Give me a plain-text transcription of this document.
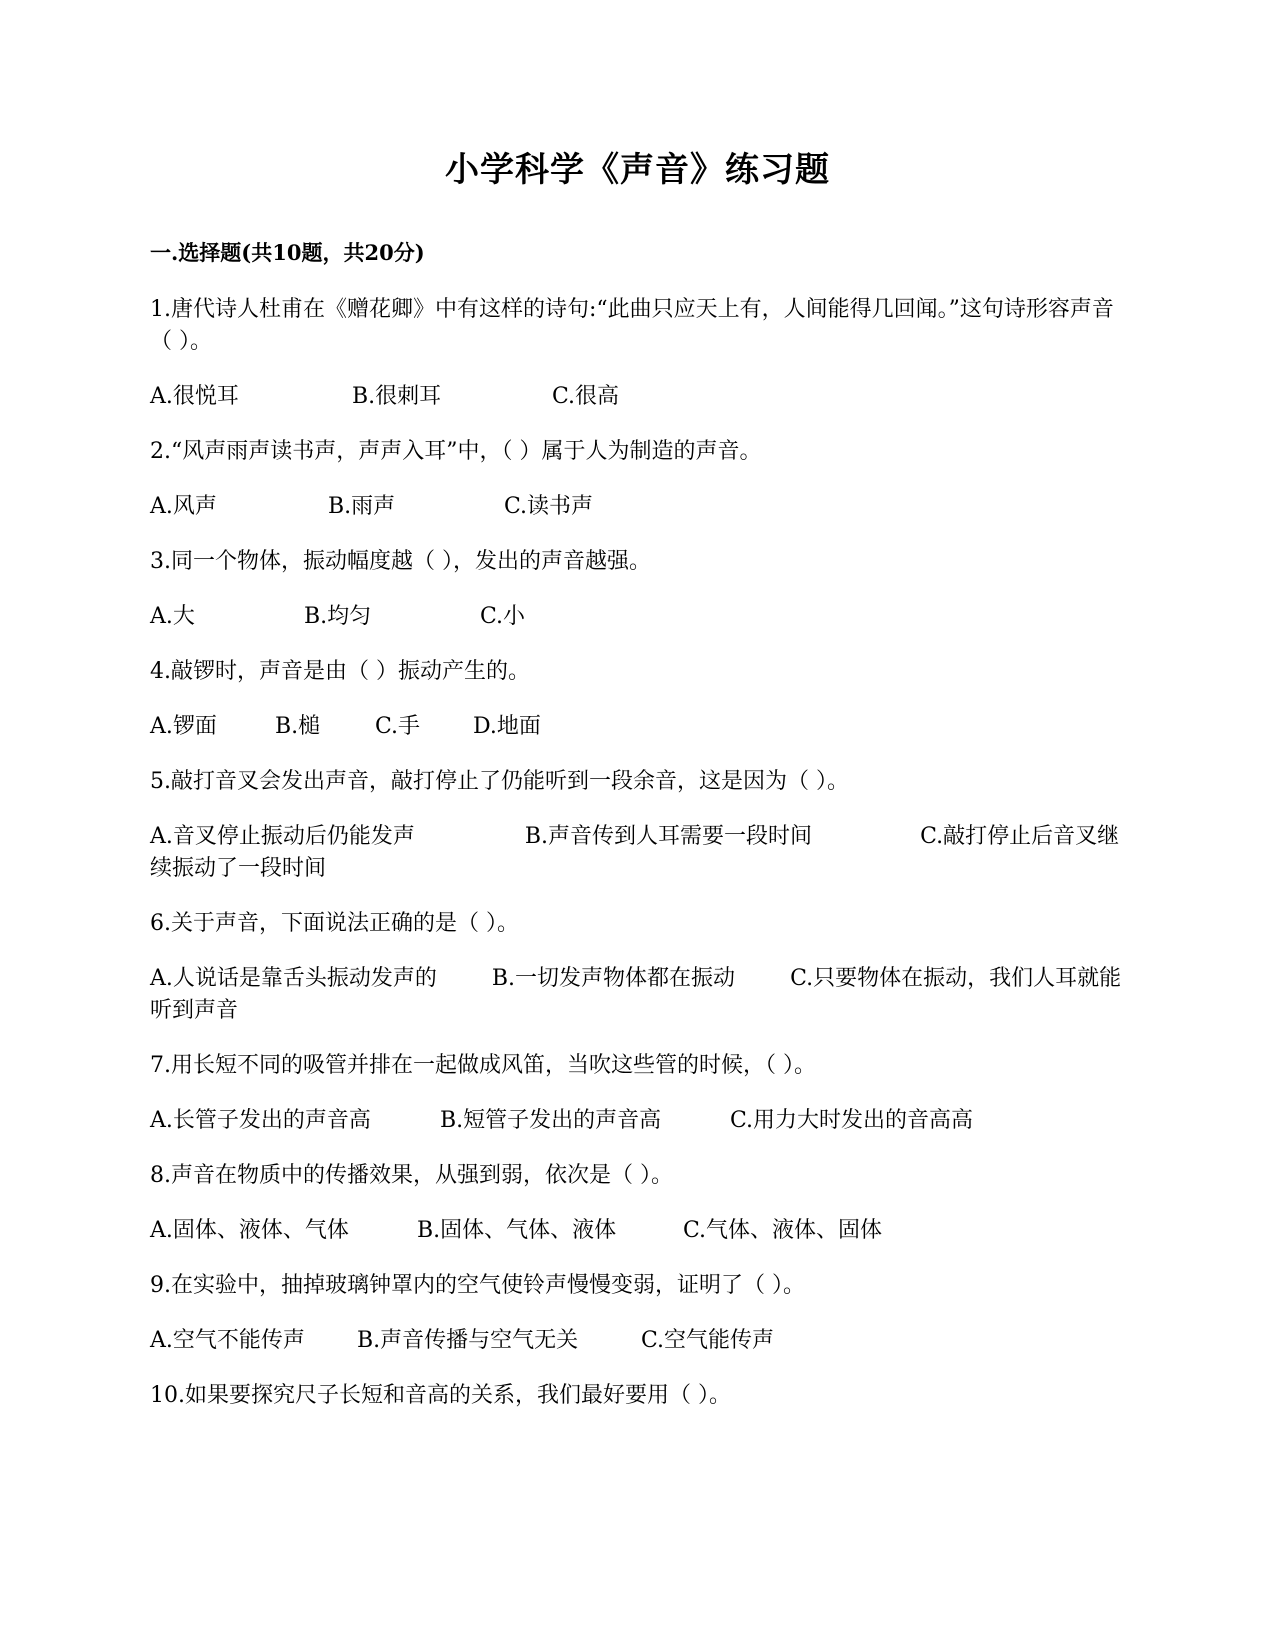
小学科学《声音》练习题
一.选择题(共10题，共20分)
1.唐代诗人杜甫在《赠花卿》中有这样的诗句:“此曲只应天上有，人间能得几回闻。”这句诗形容声音（ ）。
A.很悦耳	B.很刺耳	C.很高
2.“风声雨声读书声，声声入耳”中，（ ）属于人为制造的声音。
A.风声	B.雨声	C.读书声
3.同一个物体，振动幅度越（ ），发出的声音越强。
A.大	B.均匀	C.小
4.敲锣时，声音是由（ ）振动产生的。
A.锣面	B.槌 C.手 D.地面
5.敲打音叉会发出声音，敲打停止了仍能听到一段余音，这是因为（ ）。
A.音叉停止振动后仍能发声	B.声音传到人耳需要一段时间	C.敲打停止后音叉继续振动了一段时间
6.关于声音，下面说法正确的是（ ）。
A.人说话是靠舌头振动发声的	B.一切发声物体都在振动	C.只要物体在振动，我们人耳就能听到声音
7.用长短不同的吸管并排在一起做成风笛，当吹这些管的时候，（ ）。
A.长管子发出的声音高	B.短管子发出的声音高	C.用力大时发出的音高高
8.声音在物质中的传播效果，从强到弱，依次是（ ）。
A.固体、液体、气体	B.固体、气体、液体	C.气体、液体、固体
9.在实验中，抽掉玻璃钟罩内的空气使铃声慢慢变弱，证明了（ ）。
A.空气不能传声 B.声音传播与空气无关	C.空气能传声
10.如果要探究尺子长短和音高的关系，我们最好要用（ ）。
